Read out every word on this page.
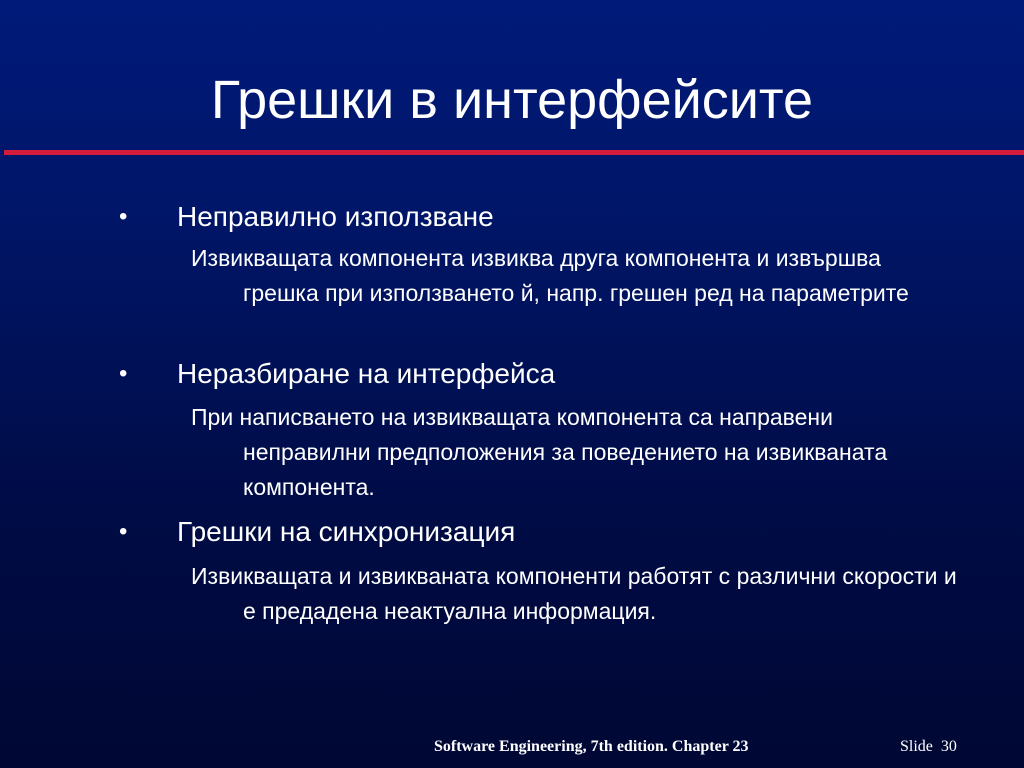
Грешки в интерфейсите
• Неправилно използване
Извикващата компонента извиква друга компонента и извършва грешка при използването й, напр. грешен ред на параметрите
• Неразбиране на интерфейса
При написването на извикващата компонента са направени неправилни предположения за поведението на извикваната компонента.
• Грешки на синхронизация
Извикващата и извикваната компоненти работят с различни скорости и е предадена неактуална информация.
Software Engineering, 7th edition. Chapter 23	Slide  30
